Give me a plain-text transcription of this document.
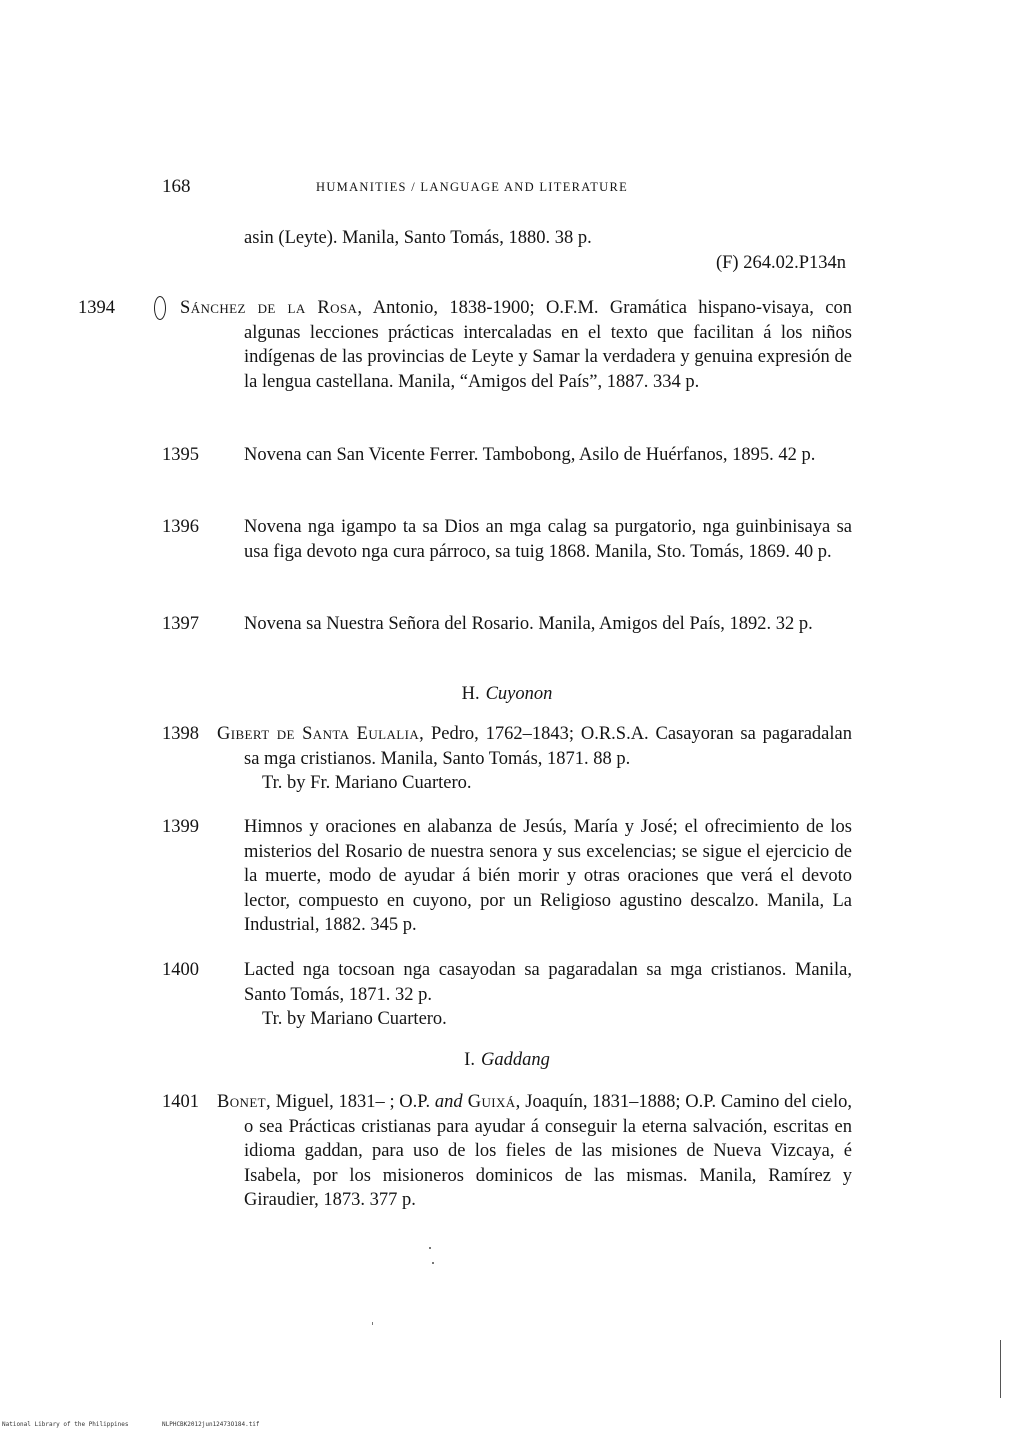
168	HUMANITIES / LANGUAGE AND LITERATURE
asin (Leyte). Manila, Santo Tomás, 1880. 38 p.
(F) 264.02.P134n
1394	Sánchez de la Rosa, Antonio, 1838-1900; O.F.M. Gramática hispano-visaya, con algunas lecciones prácticas intercaladas en el texto que facilitan á los niños indígenas de las provincias de Leyte y Samar la verdadera y genuina expresión de la lengua castellana. Manila, “Amigos del País”, 1887. 334 p.
1395 Novena can San Vicente Ferrer. Tambobong, Asilo de Huérfanos, 1895. 42 p.
1396 Novena nga igampo ta sa Dios an mga calag sa purgatorio, nga guinbinisaya sa usa figa devoto nga cura párroco, sa tuig 1868. Manila, Sto. Tomás, 1869. 40 p.
1397 Novena sa Nuestra Señora del Rosario. Manila, Amigos del País, 1892. 32 p.
H. Cuyonon
1398 Gibert de Santa Eulalia, Pedro, 1762–1843; O.R.S.A. Casayoran sa pagaradalan sa mga cristianos. Manila, Santo Tomás, 1871. 88 p.
Tr. by Fr. Mariano Cuartero.
1399 Himnos y oraciones en alabanza de Jesús, María y José; el ofrecimiento de los misterios del Rosario de nuestra senora y sus excelencias; se sigue el ejercicio de la muerte, modo de ayudar á bién morir y otras oraciones que verá el devoto lector, compuesto en cuyono, por un Religioso agustino descalzo. Manila, La Industrial, 1882. 345 p.
1400 Lacted nga tocsoan nga casayodan sa pagaradalan sa mga cristianos. Manila, Santo Tomás, 1871. 32 p.
Tr. by Mariano Cuartero.
I. Gaddang
1401 Bonet, Miguel, 1831– ; O.P. and Guixá, Joaquín, 1831–1888; O.P. Camino del cielo, o sea Prácticas cristianas para ayudar á conseguir la eterna salvación, escritas en idioma gaddan, para uso de los fieles de las misiones de Nueva Vizcaya, é Isabela, por los misioneros dominicos de las mismas. Manila, Ramírez y Giraudier, 1873. 377 p.
National Library of the Philippines	NLPHCBK2012jun12473O184.tif
